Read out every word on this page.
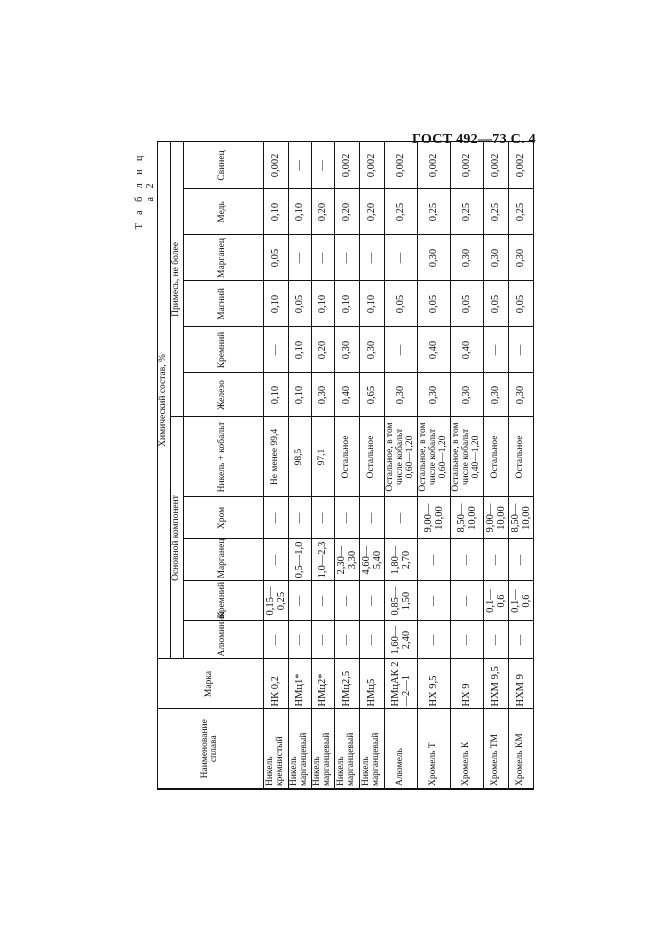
ГОСТ 492—73 С. 4
Т а б л и ц а 2
Наименование сплава	Марка	Химический состав, %										
		Основной компонент					Примесь, не более					
		Алюминий	Кремний	Марганец	Хром	Никель + кобальт	Железо	Кремний	Магний	Марганец	Медь	Свинец
Никель кремнистый	НК 0,2	—	0,15—0,25	—	—	Не менее 99,4	0,10	—	0,10	0,05	0,10	0,002
Никель марганцевый	НМц1*	—	—	0,5—1,0	—	98,5	0,10	0,10	0,05	—	0,10	—
Никель марганцевый	НМц2*	—	—	1,0—2,3	—	97,1	0,30	0,20	0,10	—	0,20	—
Никель марганцевый	НМц2,5	—	—	2,30—3,30	—	Остальное	0,40	0,30	0,10	—	0,20	0,002
Никель марганцевый	НМц5	—	—	4,60—5,40	—	Остальное	0,65	0,30	0,10	—	0,20	0,002
Алюмель	НМцАК 2—2—1	1,60—2,40	0,85—1,50	1,80—2,70	—	Остальное, в том числе кобальт 0,60—1,20	0,30	—	0,05	—	0,25	0,002
Хромель Т	НХ 9,5	—	—	—	9,00—10,00	Остальное, в том числе кобальт 0,60—1,20	0,30	0,40	0,05	0,30	0,25	0,002
Хромель К	НХ 9	—	—	—	8,50—10,00	Остальное, в том числе кобальт 0,40—1,20	0,30	0,40	0,05	0,30	0,25	0,002
Хромель ТМ	НХМ 9,5	—	0,1—0,6	—	9,00—10,00	Остальное	0,30	—	0,05	0,30	0,25	0,002
Хромель КМ	НХМ 9	—	0,1—0,6	—	8,50—10,00	Остальное	0,30	—	0,05	0,30	0,25	0,002
